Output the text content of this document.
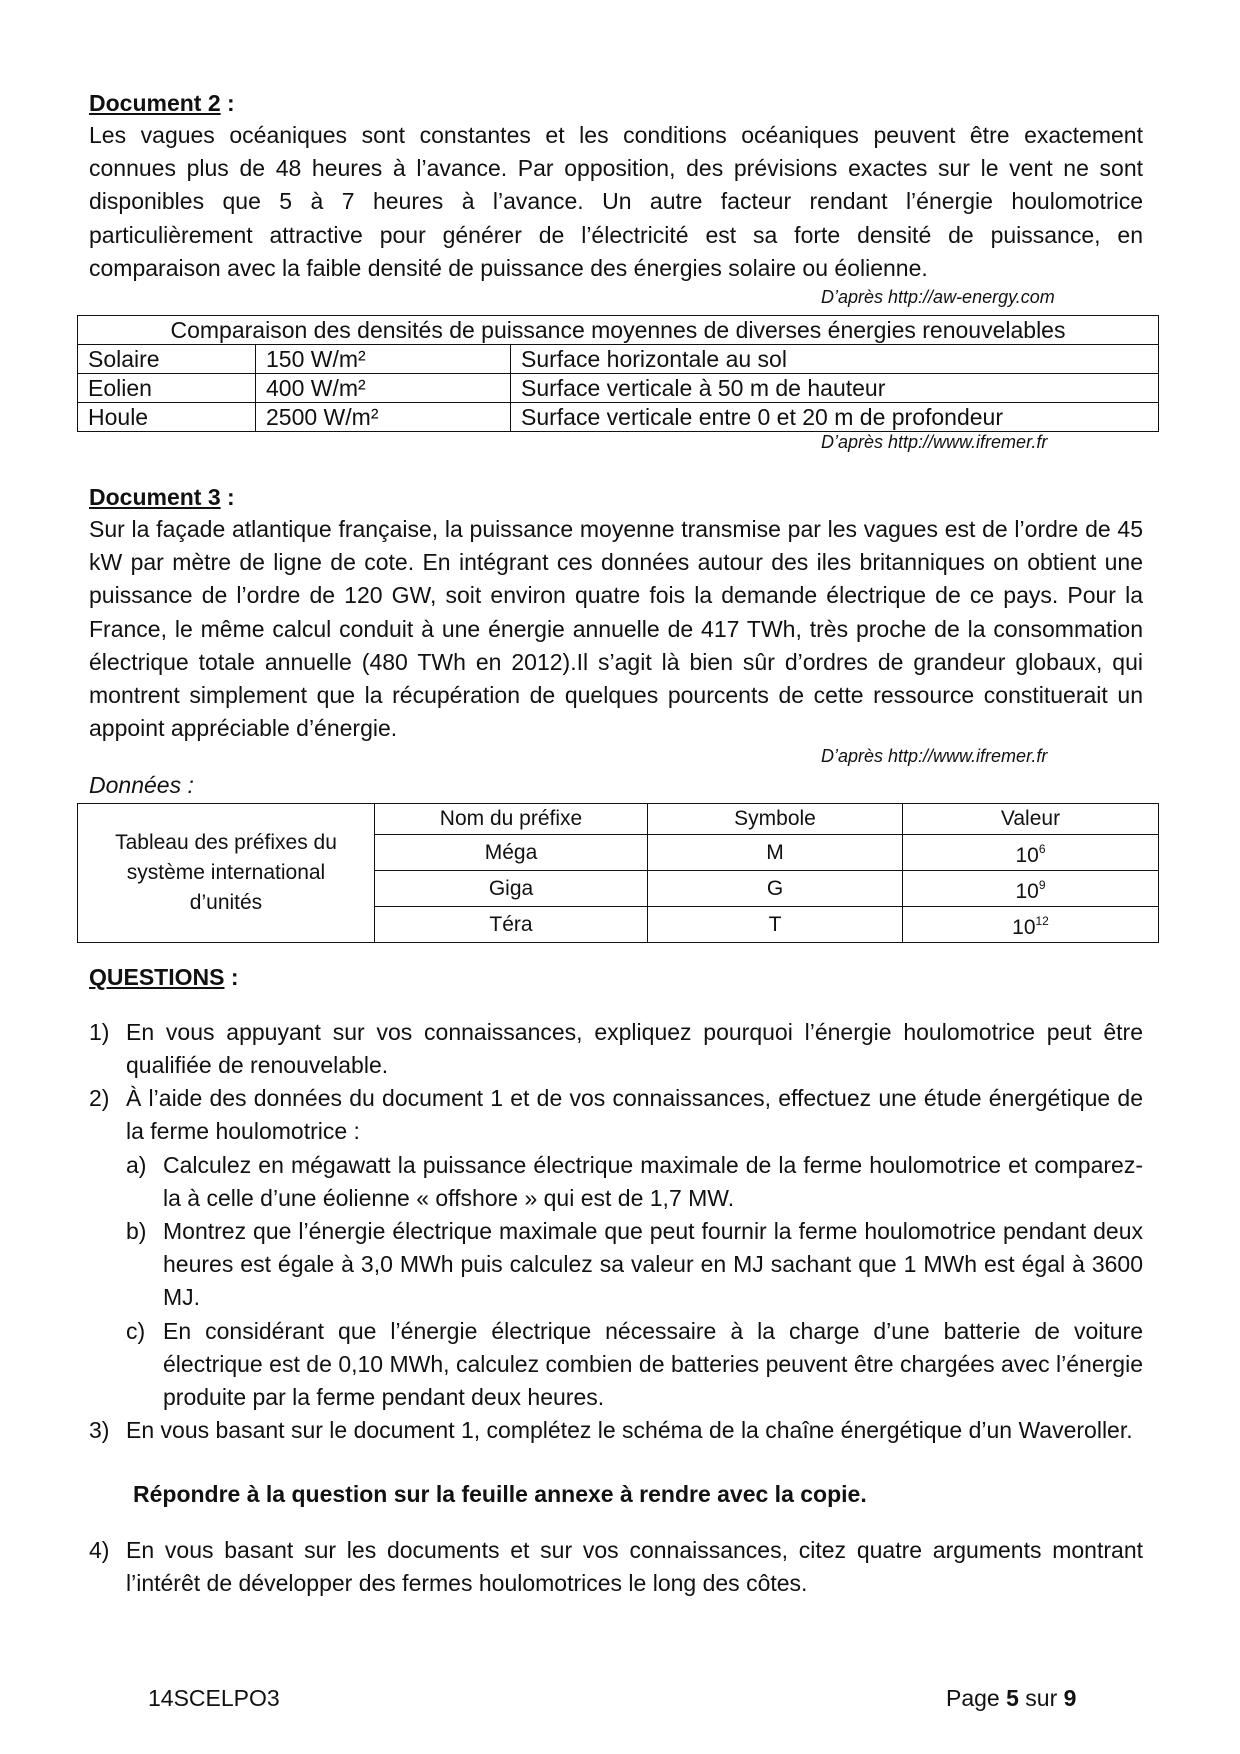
Document 2 :

Les vagues océaniques sont constantes et les conditions océaniques peuvent être exactement connues plus de 48 heures à l’avance. Par opposition, des prévisions exactes sur le vent ne sont disponibles que 5 à 7 heures à l’avance. Un autre facteur rendant l’énergie houlomotrice particulièrement attractive pour générer de l’électricité est sa forte densité de puissance, en comparaison avec la faible densité de puissance des énergies solaire ou éolienne.

D’après http://aw-energy.com
Comparaison des densités de puissance moyennes de diverses énergies renouvelables		
Solaire	150 W/m²	Surface horizontale au sol
Eolien	400 W/m²	Surface verticale à 50 m de hauteur
Houle	2500 W/m²	Surface verticale entre 0 et 20 m de profondeur
D’après http://www.ifremer.fr

Document 3 :

Sur la façade atlantique française, la puissance moyenne transmise par les vagues est de l’ordre de 45 kW par mètre de ligne de cote. En intégrant ces données autour des iles britanniques on obtient une puissance de l’ordre de 120 GW, soit environ quatre fois la demande électrique de ce pays. Pour la France, le même calcul conduit à une énergie annuelle de 417 TWh, très proche de la consommation électrique totale annuelle (480 TWh en 2012).Il s’agit là bien sûr d’ordres de grandeur globaux, qui montrent simplement que la récupération de quelques pourcents de cette ressource constituerait un appoint appréciable d’énergie.

D’après http://www.ifremer.fr
Données :
Tableau des préfixes du système international d’unités	Nom du préfixe	Symbole	Valeur
	Méga	M	$10^6$
	Giga	G	$10^9$
	Téra	T	$10^{12}$

QUESTIONS :

1) En vous appuyant sur vos connaissances, expliquez pourquoi l’énergie houlomotrice peut être qualifiée de renouvelable.
2) À l’aide des données du document 1 et de vos connaissances, effectuez une étude énergétique de la ferme houlomotrice :
a) Calculez en mégawatt la puissance électrique maximale de la ferme houlomotrice et comparez-la à celle d’une éolienne « offshore » qui est de 1,7 MW.
b) Montrez que l’énergie électrique maximale que peut fournir la ferme houlomotrice pendant deux heures est égale à 3,0 MWh puis calculez sa valeur en MJ sachant que 1 MWh est égal à 3600 MJ.
c) En considérant que l’énergie électrique nécessaire à la charge d’une batterie de voiture électrique est de 0,10 MWh, calculez combien de batteries peuvent être chargées avec l’énergie produite par la ferme pendant deux heures.
3) En vous basant sur le document 1, complétez le schéma de la chaîne énergétique d’un Waveroller.
Répondre à la question sur la feuille annexe à rendre avec la copie.
4) En vous basant sur les documents et sur vos connaissances, citez quatre arguments montrant l’intérêt de développer des fermes houlomotrices le long des côtes.
14SCELPO3	Page 5 sur 9
